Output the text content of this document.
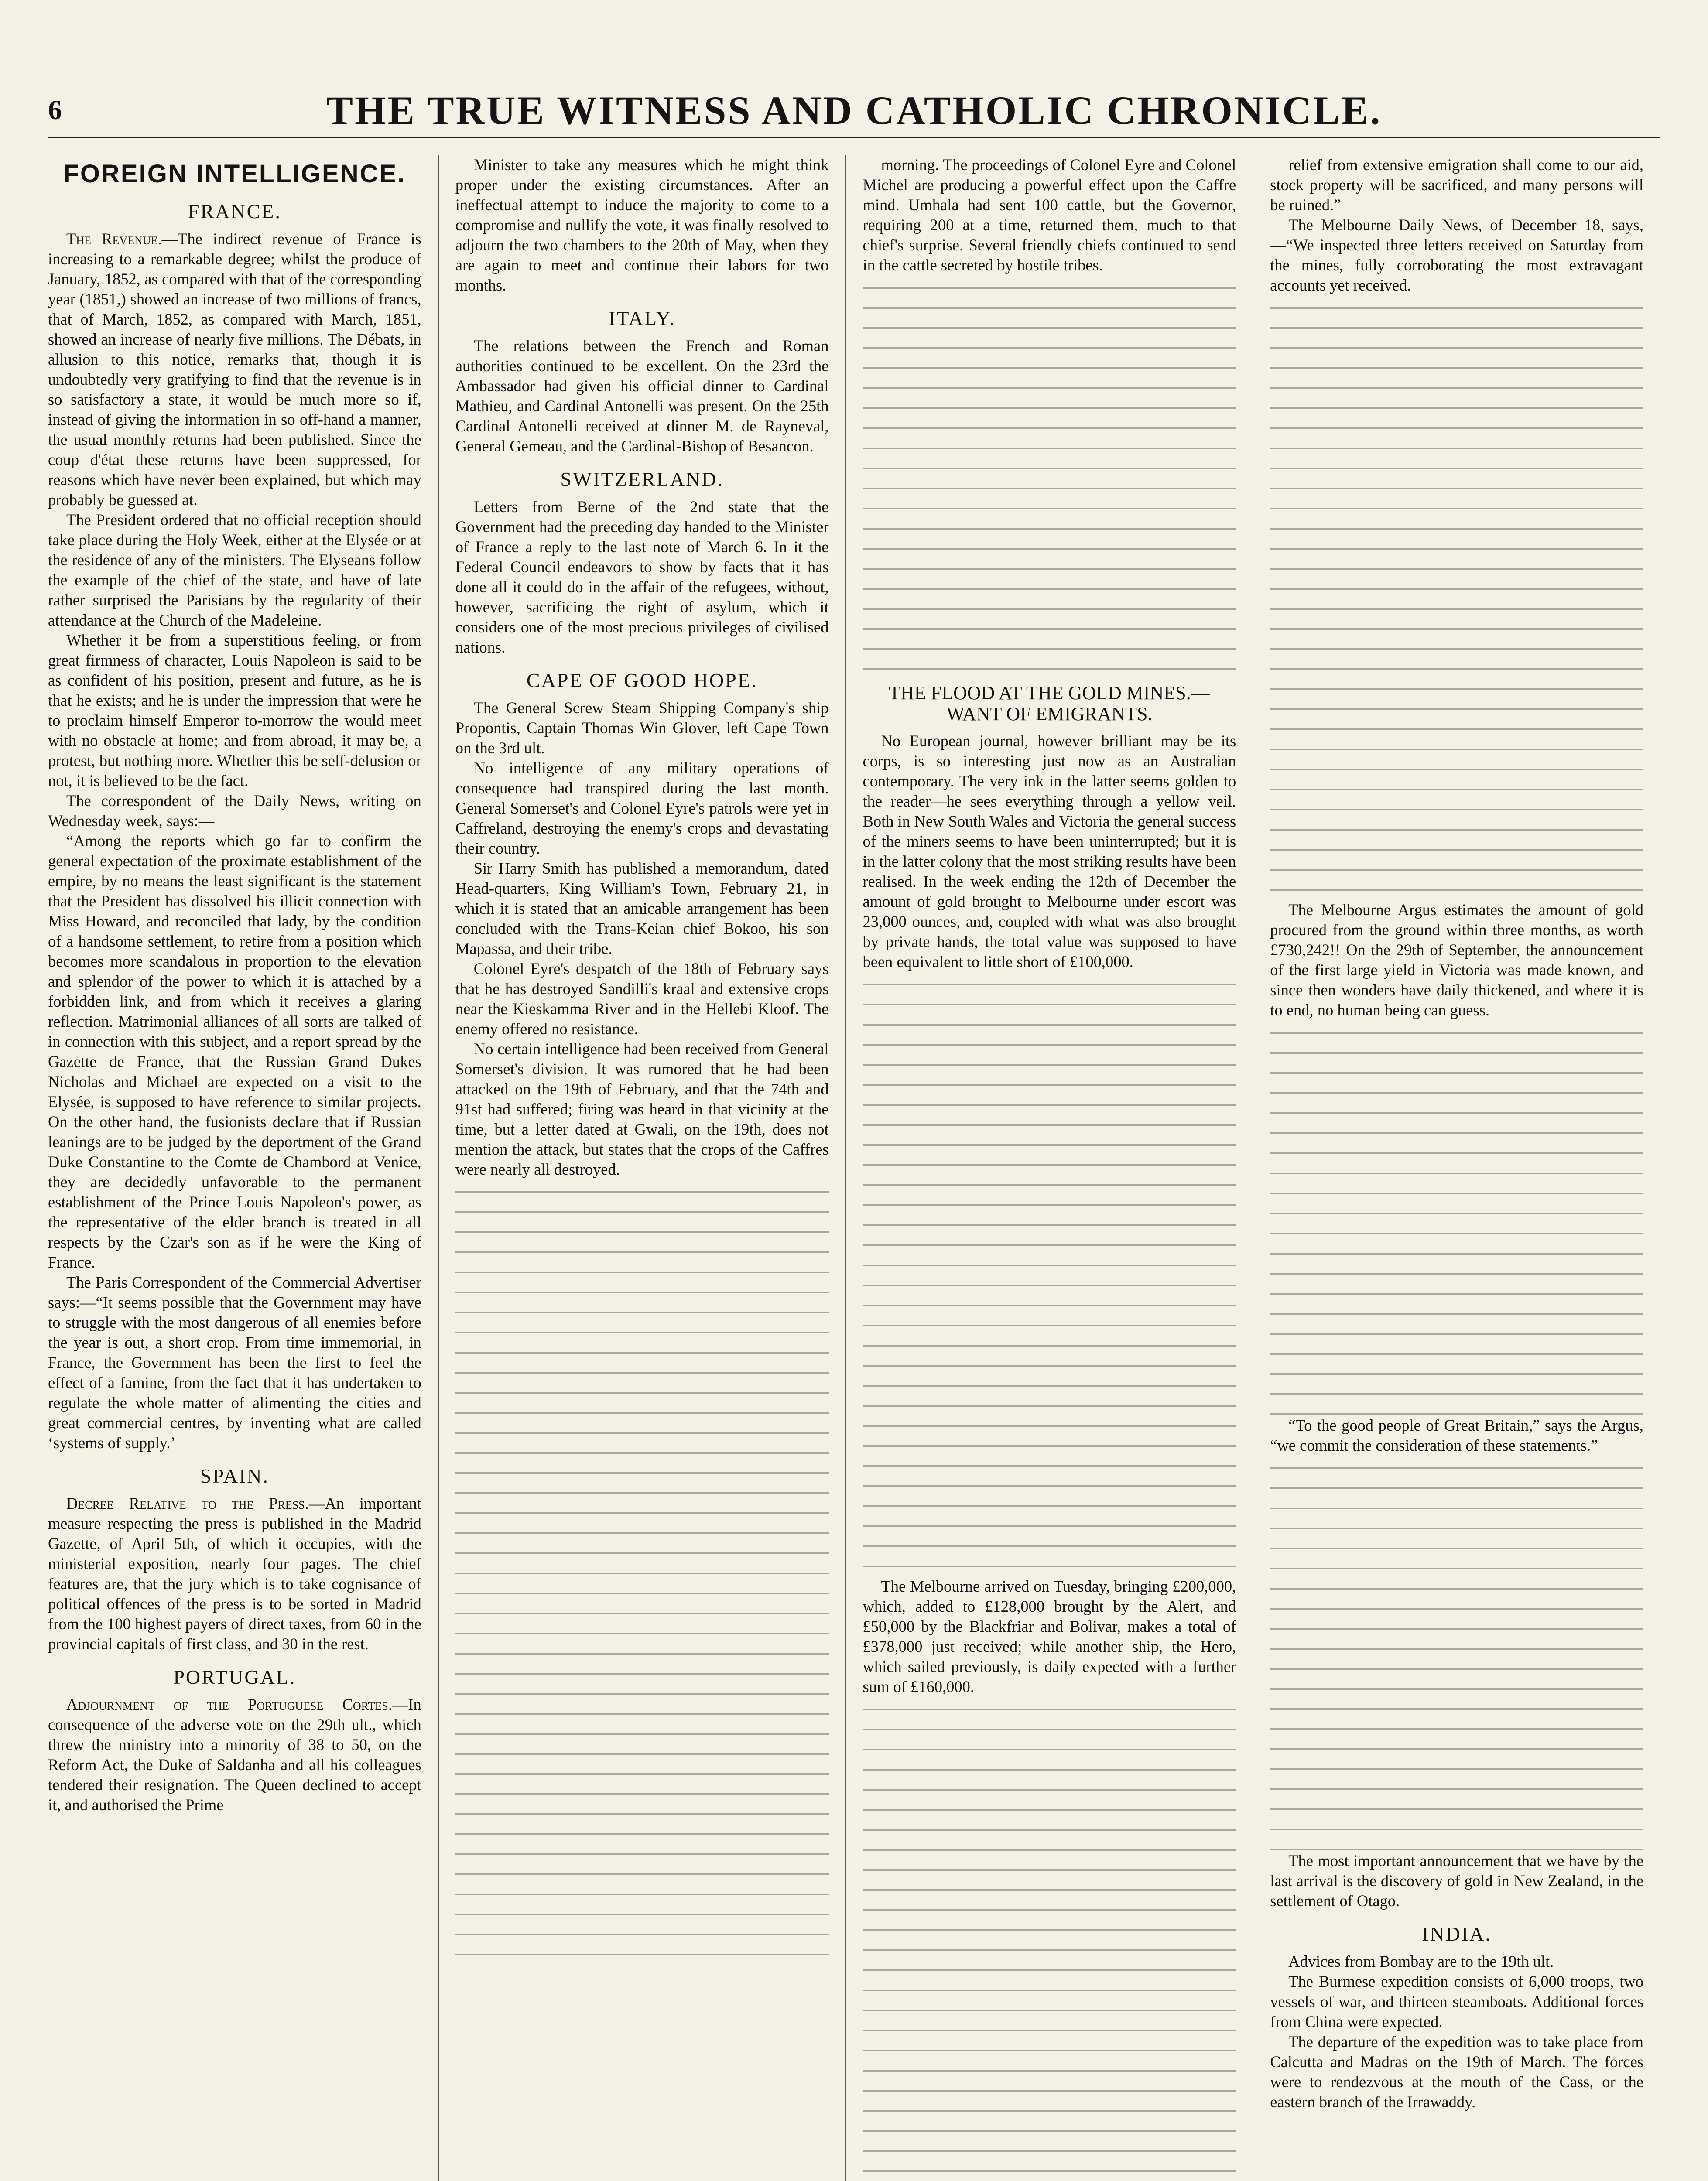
6	THE TRUE WITNESS AND CATHOLIC CHRONICLE.
FOREIGN INTELLIGENCE.
FRANCE.

The Revenue.—The indirect revenue of France is increasing to a remarkable degree; whilst the produce of January, 1852, as compared with that of the corresponding year (1851,) showed an increase of two millions of francs, that of March, 1852, as compared with March, 1851, showed an increase of nearly five millions. The Débats, in allusion to this notice, remarks that, though it is undoubtedly very gratifying to find that the revenue is in so satisfactory a state, it would be much more so if, instead of giving the information in so off-hand a manner, the usual monthly returns had been published. Since the coup d'état these returns have been suppressed, for reasons which have never been explained, but which may probably be guessed at.

The President ordered that no official reception should take place during the Holy Week, either at the Elysée or at the residence of any of the ministers. The Elyseans follow the example of the chief of the state, and have of late rather surprised the Parisians by the regularity of their attendance at the Church of the Madeleine.

Whether it be from a superstitious feeling, or from great firmness of character, Louis Napoleon is said to be as confident of his position, present and future, as he is that he exists; and he is under the impression that were he to proclaim himself Emperor to-morrow the would meet with no obstacle at home; and from abroad, it may be, a protest, but nothing more. Whether this be self-delusion or not, it is believed to be the fact.

The correspondent of the Daily News, writing on Wednesday week, says:—

“Among the reports which go far to confirm the general expectation of the proximate establishment of the empire, by no means the least significant is the statement that the President has dissolved his illicit connection with Miss Howard, and reconciled that lady, by the condition of a handsome settlement, to retire from a position which becomes more scandalous in proportion to the elevation and splendor of the power to which it is attached by a forbidden link, and from which it receives a glaring reflection. Matrimonial alliances of all sorts are talked of in connection with this subject, and a report spread by the Gazette de France, that the Russian Grand Dukes Nicholas and Michael are expected on a visit to the Elysée, is supposed to have reference to similar projects. On the other hand, the fusionists declare that if Russian leanings are to be judged by the deportment of the Grand Duke Constantine to the Comte de Chambord at Venice, they are decidedly unfavorable to the permanent establishment of the Prince Louis Napoleon's power, as the representative of the elder branch is treated in all respects by the Czar's son as if he were the King of France.

The Paris Correspondent of the Commercial Advertiser says:—“It seems possible that the Government may have to struggle with the most dangerous of all enemies before the year is out, a short crop. From time immemorial, in France, the Government has been the first to feel the effect of a famine, from the fact that it has undertaken to regulate the whole matter of alimenting the cities and great commercial centres, by inventing what are called ‘systems of supply.’

SPAIN.

Decree Relative to the Press.—An important measure respecting the press is published in the Madrid Gazette, of April 5th, of which it occupies, with the ministerial exposition, nearly four pages. The chief features are, that the jury which is to take cognisance of political offences of the press is to be sorted in Madrid from the 100 highest payers of direct taxes, from 60 in the provincial capitals of first class, and 30 in the rest.

PORTUGAL.

Adjournment of the Portuguese Cortes.—In consequence of the adverse vote on the 29th ult., which threw the ministry into a minority of 38 to 50, on the Reform Act, the Duke of Saldanha and all his colleagues tendered their resignation. The Queen declined to accept it, and authorised the Prime

Minister to take any measures which he might think proper under the existing circumstances. After an ineffectual attempt to induce the majority to come to a compromise and nullify the vote, it was finally resolved to adjourn the two chambers to the 20th of May, when they are again to meet and continue their labors for two months.

ITALY.

The relations between the French and Roman authorities continued to be excellent. On the 23rd the Ambassador had given his official dinner to Cardinal Mathieu, and Cardinal Antonelli was present. On the 25th Cardinal Antonelli received at dinner M. de Rayneval, General Gemeau, and the Cardinal-Bishop of Besancon.

SWITZERLAND.

Letters from Berne of the 2nd state that the Government had the preceding day handed to the Minister of France a reply to the last note of March 6. In it the Federal Council endeavors to show by facts that it has done all it could do in the affair of the refugees, without, however, sacrificing the right of asylum, which it considers one of the most precious privileges of civilised nations.

CAPE OF GOOD HOPE.

The General Screw Steam Shipping Company's ship Propontis, Captain Thomas Win Glover, left Cape Town on the 3rd ult.

No intelligence of any military operations of consequence had transpired during the last month. General Somerset's and Colonel Eyre's patrols were yet in Caffreland, destroying the enemy's crops and devastating their country.

Sir Harry Smith has published a memorandum, dated Head-quarters, King William's Town, February 21, in which it is stated that an amicable arrangement has been concluded with the Trans-Keian chief Bokoo, his son Mapassa, and their tribe.

Colonel Eyre's despatch of the 18th of February says that he has destroyed Sandilli's kraal and extensive crops near the Kieskamma River and in the Hellebi Kloof. The enemy offered no resistance.

No certain intelligence had been received from General Somerset's division. It was rumored that he had been attacked on the 19th of February, and that the 74th and 91st had suffered; firing was heard in that vicinity at the time, but a letter dated at Gwali, on the 19th, does not mention the attack, but states that the crops of the Caffres were nearly all destroyed.

morning. The proceedings of Colonel Eyre and Colonel Michel are producing a powerful effect upon the Caffre mind. Umhala had sent 100 cattle, but the Governor, requiring 200 at a time, returned them, much to that chief's surprise. Several friendly chiefs continued to send in the cattle secreted by hostile tribes.

THE FLOOD AT THE GOLD MINES.—WANT OF EMIGRANTS.

No European journal, however brilliant may be its corps, is so interesting just now as an Australian contemporary. The very ink in the latter seems golden to the reader—he sees everything through a yellow veil. Both in New South Wales and Victoria the general success of the miners seems to have been uninterrupted; but it is in the latter colony that the most striking results have been realised. In the week ending the 12th of December the amount of gold brought to Melbourne under escort was 23,000 ounces, and, coupled with what was also brought by private hands, the total value was supposed to have been equivalent to little short of £100,000.

The Melbourne arrived on Tuesday, bringing £200,000, which, added to £128,000 brought by the Alert, and £50,000 by the Blackfriar and Bolivar, makes a total of £378,000 just received; while another ship, the Hero, which sailed previously, is daily expected with a further sum of £160,000.

relief from extensive emigration shall come to our aid, stock property will be sacrificed, and many persons will be ruined.”

The Melbourne Daily News, of December 18, says,—“We inspected three letters received on Saturday from the mines, fully corroborating the most extravagant accounts yet received.

The Melbourne Argus estimates the amount of gold procured from the ground within three months, as worth £730,242!! On the 29th of September, the announcement of the first large yield in Victoria was made known, and since then wonders have daily thickened, and where it is to end, no human being can guess.

“To the good people of Great Britain,” says the Argus, “we commit the consideration of these statements.”

The most important announcement that we have by the last arrival is the discovery of gold in New Zealand, in the settlement of Otago.

INDIA.

Advices from Bombay are to the 19th ult.

The Burmese expedition consists of 6,000 troops, two vessels of war, and thirteen steamboats. Additional forces from China were expected.

The departure of the expedition was to take place from Calcutta and Madras on the 19th of March. The forces were to rendezvous at the mouth of the Cass, or the eastern branch of the Irrawaddy.
